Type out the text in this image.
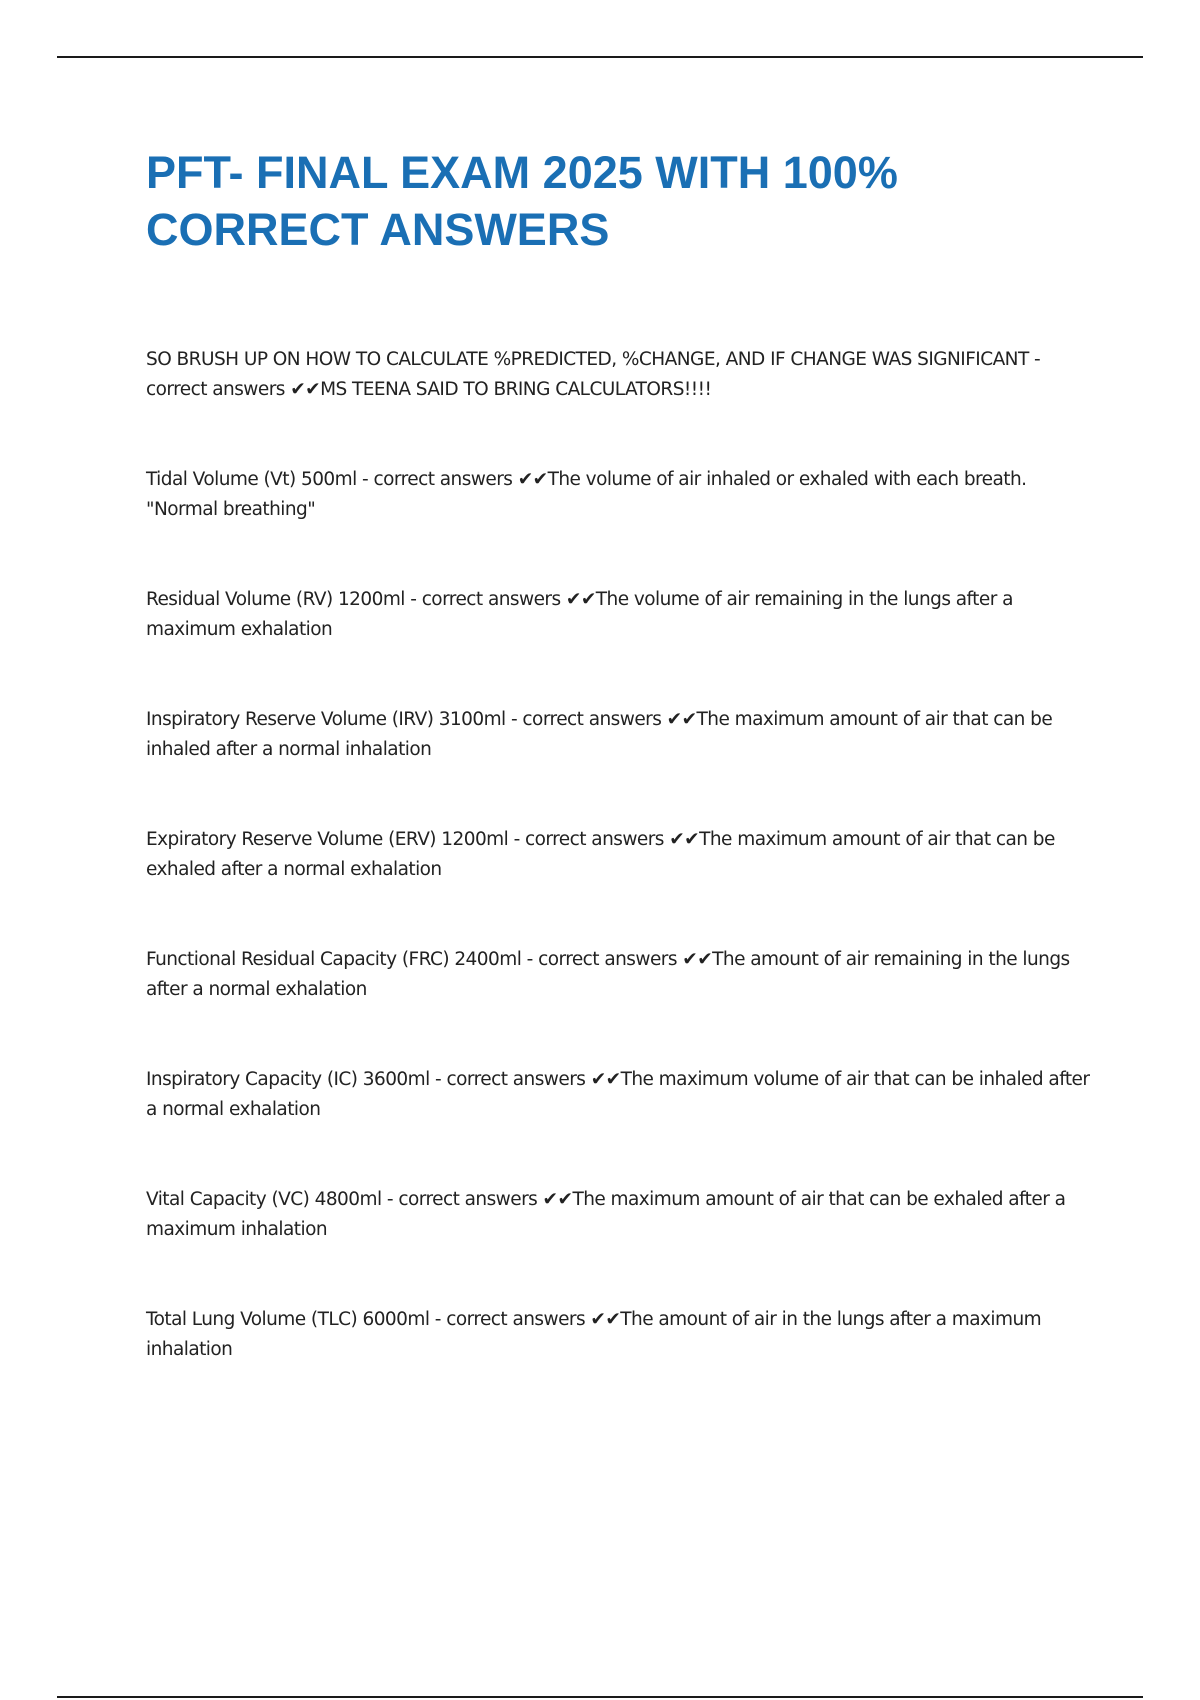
PFT- FINAL EXAM 2025 WITH 100% CORRECT ANSWERS

SO BRUSH UP ON HOW TO CALCULATE %PREDICTED, %CHANGE, AND IF CHANGE WAS SIGNIFICANT - correct answers ✔✔MS TEENA SAID TO BRING CALCULATORS!!!!

Tidal Volume (Vt) 500ml - correct answers ✔✔The volume of air inhaled or exhaled with each breath. "Normal breathing"

Residual Volume (RV) 1200ml - correct answers ✔✔The volume of air remaining in the lungs after a maximum exhalation

Inspiratory Reserve Volume (IRV) 3100ml - correct answers ✔✔The maximum amount of air that can be inhaled after a normal inhalation

Expiratory Reserve Volume (ERV) 1200ml - correct answers ✔✔The maximum amount of air that can be exhaled after a normal exhalation

Functional Residual Capacity (FRC) 2400ml - correct answers ✔✔The amount of air remaining in the lungs after a normal exhalation

Inspiratory Capacity (IC) 3600ml - correct answers ✔✔The maximum volume of air that can be inhaled after a normal exhalation

Vital Capacity (VC) 4800ml - correct answers ✔✔The maximum amount of air that can be exhaled after a maximum inhalation

Total Lung Volume (TLC) 6000ml - correct answers ✔✔The amount of air in the lungs after a maximum inhalation
